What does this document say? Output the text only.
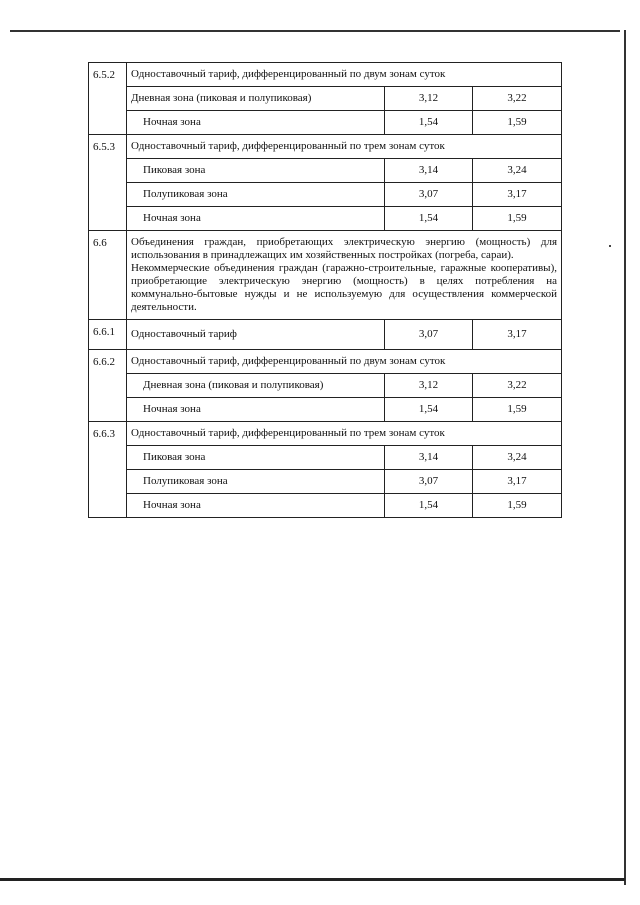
6.5.2	Одноставочный тариф, дифференцированный по двум зонам суток		
	Дневная зона (пиковая и полупиковая)	3,12	3,22
	Ночная зона	1,54	1,59
6.5.3	Одноставочный тариф, дифференцированный по трем зонам суток		
	Пиковая зона	3,14	3,24
	Полупиковая зона	3,07	3,17
	Ночная зона	1,54	1,59
6.6	Объединения граждан, приобретающих электрическую энергию (мощность) для использования в принадлежащих им хозяйственных постройках (погреба, сараи).

Некоммерческие объединения граждан (гаражно-строительные, гаражные кооперативы), приобретающие электрическую энергию (мощность) в целях потребления на коммунально-бытовые нужды и не используемую для осуществления коммерческой деятельности.		

6.6.1	Одноставочный тариф	3,07	3,17
6.6.2	Одноставочный тариф, дифференцированный по двум зонам суток		
	Дневная зона (пиковая и полупиковая)	3,12	3,22
	Ночная зона	1,54	1,59
6.6.3	Одноставочный тариф, дифференцированный по трем зонам суток		
	Пиковая зона	3,14	3,24
	Полупиковая зона	3,07	3,17
	Ночная зона	1,54	1,59
